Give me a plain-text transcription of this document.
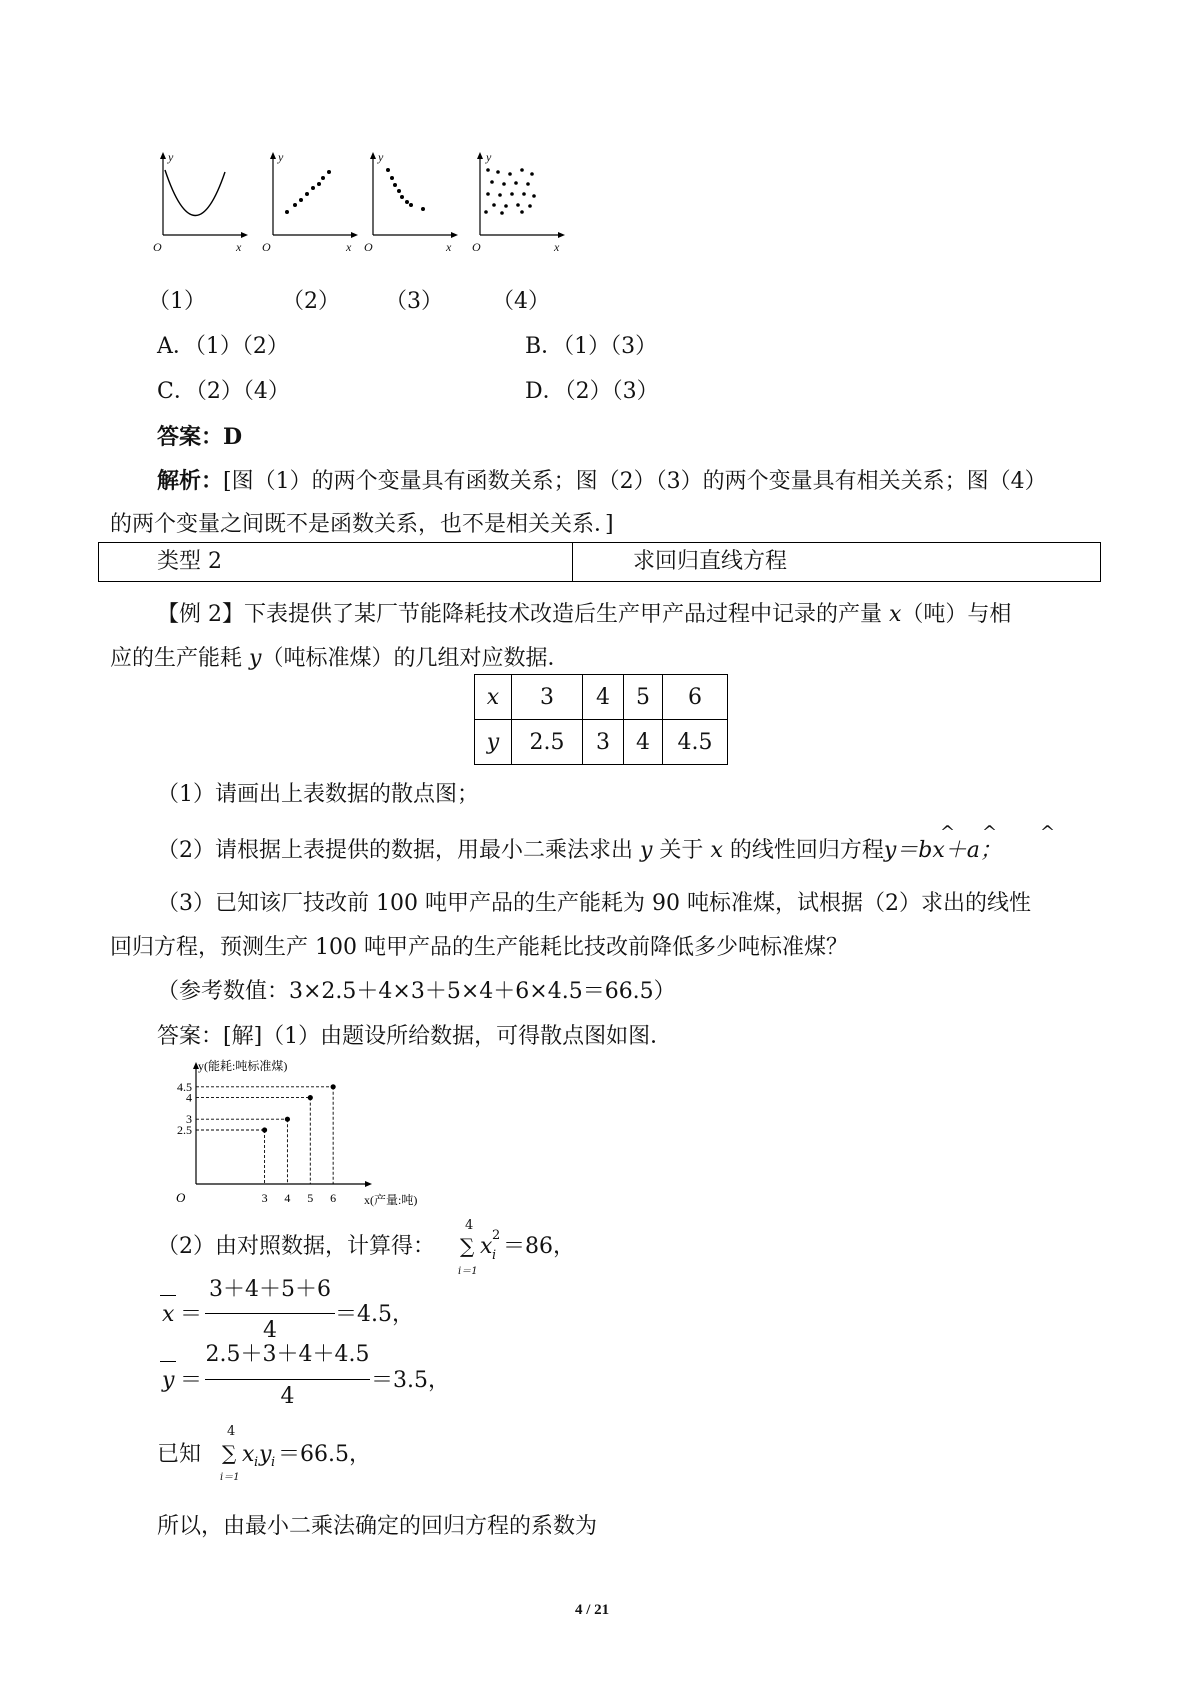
y
O	x
y
O	x
y
O	x
y
O	x
（1）	（2） （3） （4）
A．（1）（2）	B．（1）（3）
C．（2）（4）	D．（2）（3）
答案：D
解析：[图（1）的两个变量具有函数关系；图（2）（3）的两个变量具有相关关系；图（4）
的两个变量之间既不是函数关系，也不是相关关系．]
类型 2	求回归直线方程
【例 2】下表提供了某厂节能降耗技术改造后生产甲产品过程中记录的产量 x（吨）与相
应的生产能耗 y（吨标准煤）的几组对应数据．
x	3	4	5	6
y	2.5	3	4	4.5
（1）请画出上表数据的散点图；
（2）请根据上表提供的数据，用最小二乘法求出 y 关于 x 的线性回归方程y＝bx＋a；
^ ^ ^
（3）已知该厂技改前 100 吨甲产品的生产能耗为 90 吨标准煤，试根据（2）求出的线性
回归方程，预测生产 100 吨甲产品的生产能耗比技改前降低多少吨标准煤？
（参考数值：3×2.5＋4×3＋5×4＋6×4.5＝66.5）
答案：[解]（1）由题设所给数据，可得散点图如图．
y(能耗:吨标准煤)
x(产量:吨)
O	3 4 5 6
2.5
3
4
4.5
（2）由对照数据，计算得：
4
∑
i＝1
x 2
i ＝86，
x ＝
3＋4＋5＋6
4
＝4.5，
y ＝
2.5＋3＋4＋4.5
4
＝3.5，
已知
4
∑
i＝1
x i y i ＝66.5，
所以，由最小二乘法确定的回归方程的系数为
4 / 21
